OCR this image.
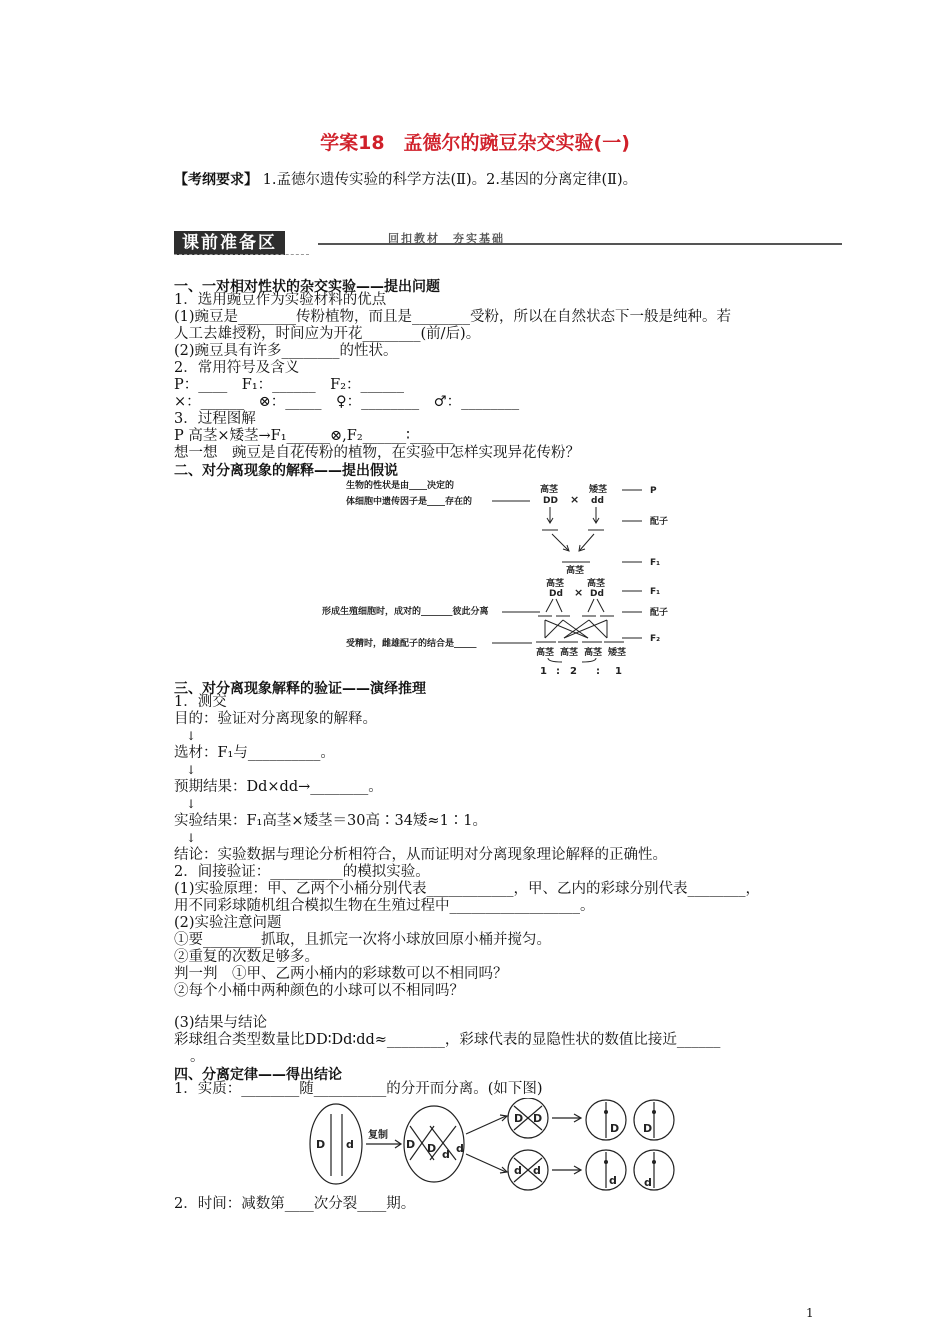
学案18　孟德尔的豌豆杂交实验(一)
【考纲要求】 1.孟德尔遗传实验的科学方法(Ⅱ)。2.基因的分离定律(Ⅱ)。
课前准备区	回扣教材　夯实基础
一、一对相对性状的杂交实验——提出问题
1．选用豌豆作为实验材料的优点
(1)豌豆是________传粉植物，而且是________受粉，所以在自然状态下一般是纯种。若
人工去雄授粉，时间应为开花________(前/后)。
(2)豌豆具有许多________的性状。
2．常用符号及含义
P：____　F₁：______　F₂：______
×：______　⊗：_____　♀：________　♂：________
3．过程图解
P 高茎×矮茎→F₁______⊗,F₂______∶______
想一想　豌豆是自花传粉的植物，在实验中怎样实现异花传粉？
二、对分离现象的解释——提出假说
生物的性状是由____决定的
体细胞中遗传因子是____存在的
形成生殖细胞时，成对的_______彼此分离
受精时，雌雄配子的结合是_____
高茎
DD ×
矮茎
dd
高茎
高茎
Dd ×
高茎
Dd
高茎 高茎 高茎 矮茎
1 : 2 : 1
P
配子
F₁
F₁
配子
F₂
三、对分离现象解释的验证——演绎推理
1．测交
目的：验证对分离现象的解释。
↓
选材：F₁与__________。
↓
预期结果：Dd×dd→________。
↓
实验结果：F₁高茎×矮茎＝30高∶34矮≈1∶1。
↓
结论：实验数据与理论分析相符合，从而证明对分离现象理论解释的正确性。
2．间接验证：__________的模拟实验。
(1)实验原理：甲、乙两个小桶分别代表____________，甲、乙内的彩球分别代表________，
用不同彩球随机组合模拟生物在生殖过程中__________________。
(2)实验注意问题
①要________抓取，且抓完一次将小球放回原小桶并搅匀。
②重复的次数足够多。
判一判　①甲、乙两小桶内的彩球数可以不相同吗？
②每个小桶中两种颜色的小球可以不相同吗？
(3)结果与结论
彩球组合类型数量比DD∶Dd∶dd≈________，彩球代表的显隐性状的数值比接近______
。
四、分离定律——得出结论
1．实质：________随__________的分开而分离。(如下图)
D d
复制
D D d d
D D
d d
D D
d d
2．时间：减数第____次分裂____期。
1
